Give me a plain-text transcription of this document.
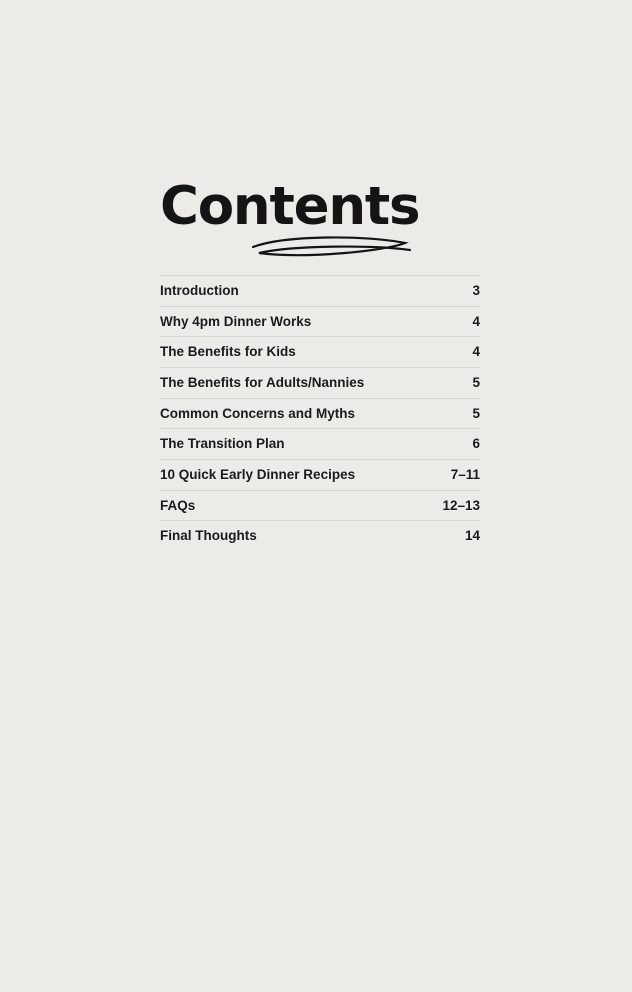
Contents
Introduction	3
Why 4pm Dinner Works	4
The Benefits for Kids	4
The Benefits for Adults/Nannies	5
Common Concerns and Myths	5
The Transition Plan	6
10 Quick Early Dinner Recipes	7–11
FAQs	12–13
Final Thoughts	14
